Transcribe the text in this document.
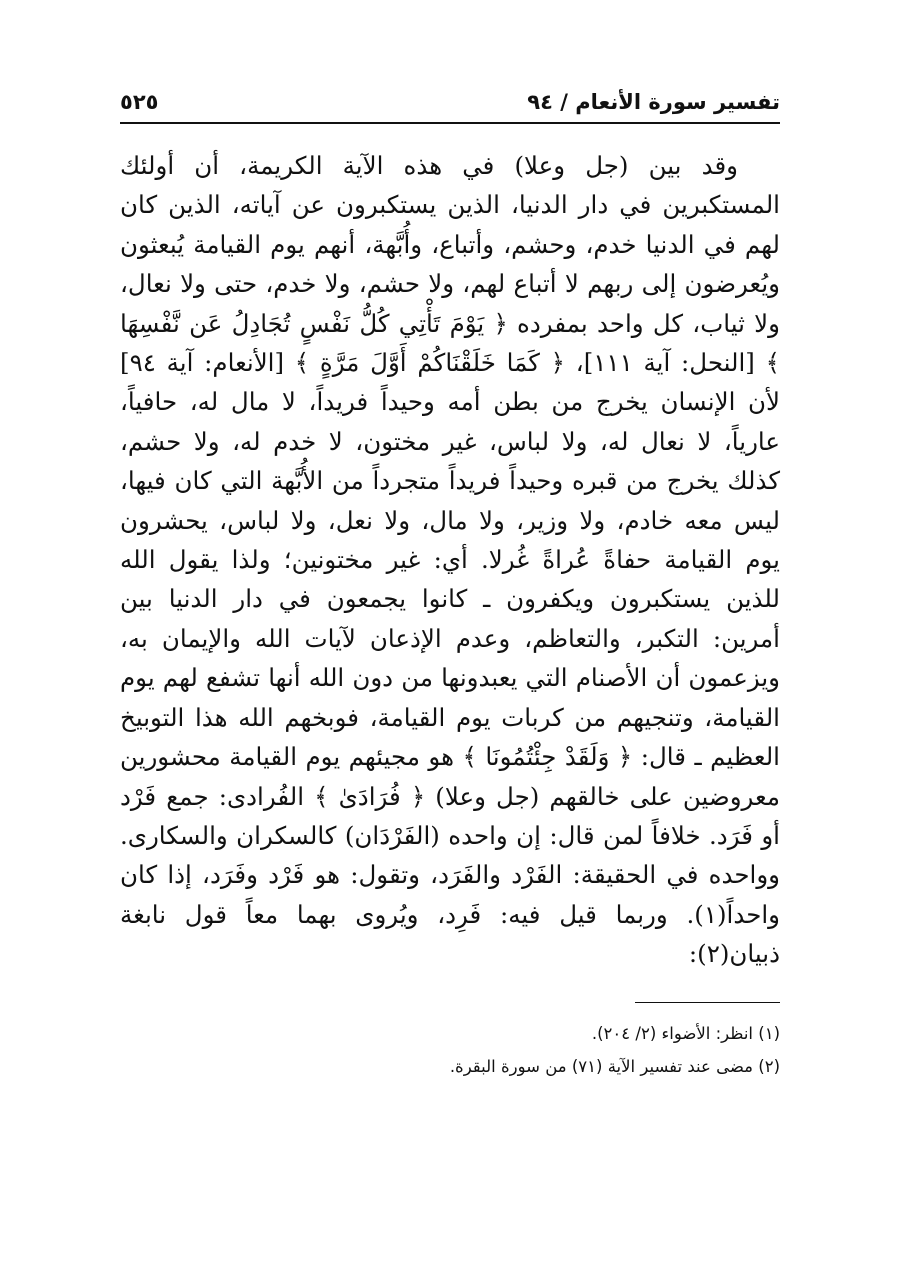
تفسير سورة الأنعام / ٩٤
٥٢٥

وقد بين (جل وعلا) في هذه الآية الكريمة، أن أولئك المستكبرين في دار الدنيا، الذين يستكبرون عن آياته، الذين كان لهم في الدنيا خدم، وحشم، وأتباع، وأُبَّهة، أنهم يوم القيامة يُبعثون ويُعرضون إلى ربهم لا أتباع لهم، ولا حشم، ولا خدم، حتى ولا نعال، ولا ثياب، كل واحد بمفرده ﴿ يَوْمَ تَأْتِي كُلُّ نَفْسٍ تُجَادِلُ عَن نَّفْسِهَا ﴾ [النحل: آية ١١١]، ﴿ كَمَا خَلَقْنَاكُمْ أَوَّلَ مَرَّةٍ ﴾ [الأنعام: آية ٩٤] لأن الإنسان يخرج من بطن أمه وحيداً فريداً، لا مال له، حافياً، عارياً، لا نعال له، ولا لباس، غير مختون، لا خدم له، ولا حشم، كذلك يخرج من قبره وحيداً فريداً متجرداً من الأُبَّهة التي كان فيها، ليس معه خادم، ولا وزير، ولا مال، ولا نعل، ولا لباس، يحشرون يوم القيامة حفاةً عُراةً غُرلا. أي: غير مختونين؛ ولذا يقول الله للذين يستكبرون ويكفرون ـ كانوا يجمعون في دار الدنيا بين أمرين: التكبر، والتعاظم، وعدم الإذعان لآيات الله والإيمان به، ويزعمون أن الأصنام التي يعبدونها من دون الله أنها تشفع لهم يوم القيامة، وتنجيهم من كربات يوم القيامة، فوبخهم الله هذا التوبيخ العظيم ـ قال: ﴿ وَلَقَدْ جِئْتُمُونَا ﴾ هو مجيئهم يوم القيامة محشورين معروضين على خالقهم (جل وعلا) ﴿ فُرَادَىٰ ﴾ الفُرادى: جمع فَرْد أو فَرَد. خلافاً لمن قال: إن واحده (الفَرْدَان) كالسكران والسكارى. وواحده في الحقيقة: الفَرْد والفَرَد، وتقول: هو فَرْد وفَرَد، إذا كان واحداً(١). وربما قيل فيه: فَرِد، ويُروى بهما معاً قول نابغة ذبيان(٢):

(١) انظر: الأضواء (٢/ ٢٠٤).
(٢) مضى عند تفسير الآية (٧١) من سورة البقرة.
